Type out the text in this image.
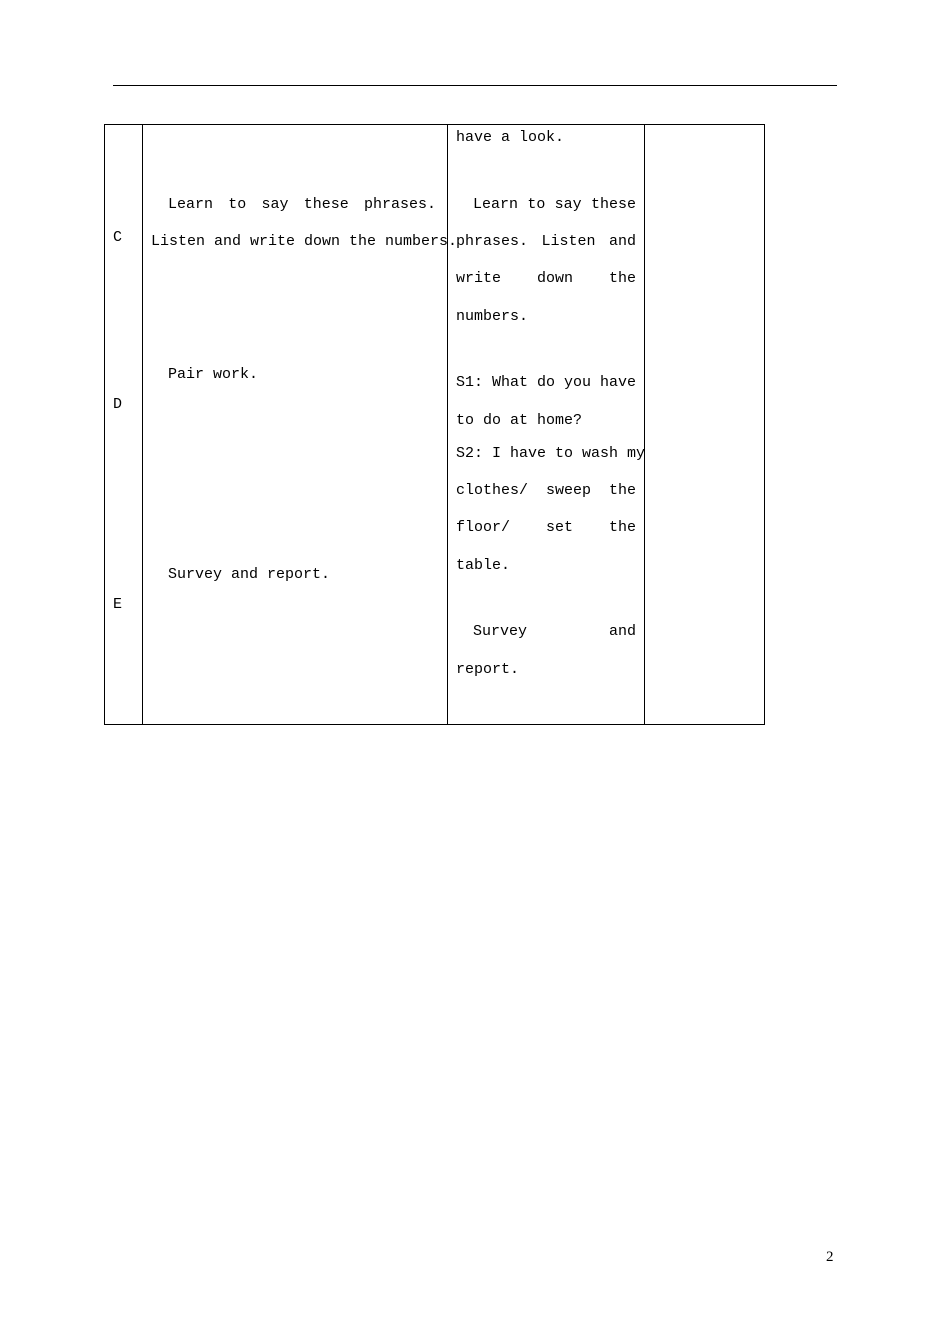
C
D
E
Learn to say these phrases.
Listen and write down the numbers.
Pair work.
Survey and report.
have a look.
Learn to say these
phrases. Listen and
write down the
numbers.
S1: What do you have
to do at home?
S2: I have to wash my
clothes/ sweep the
floor/ set the
table.
Survey	and
report.
2
